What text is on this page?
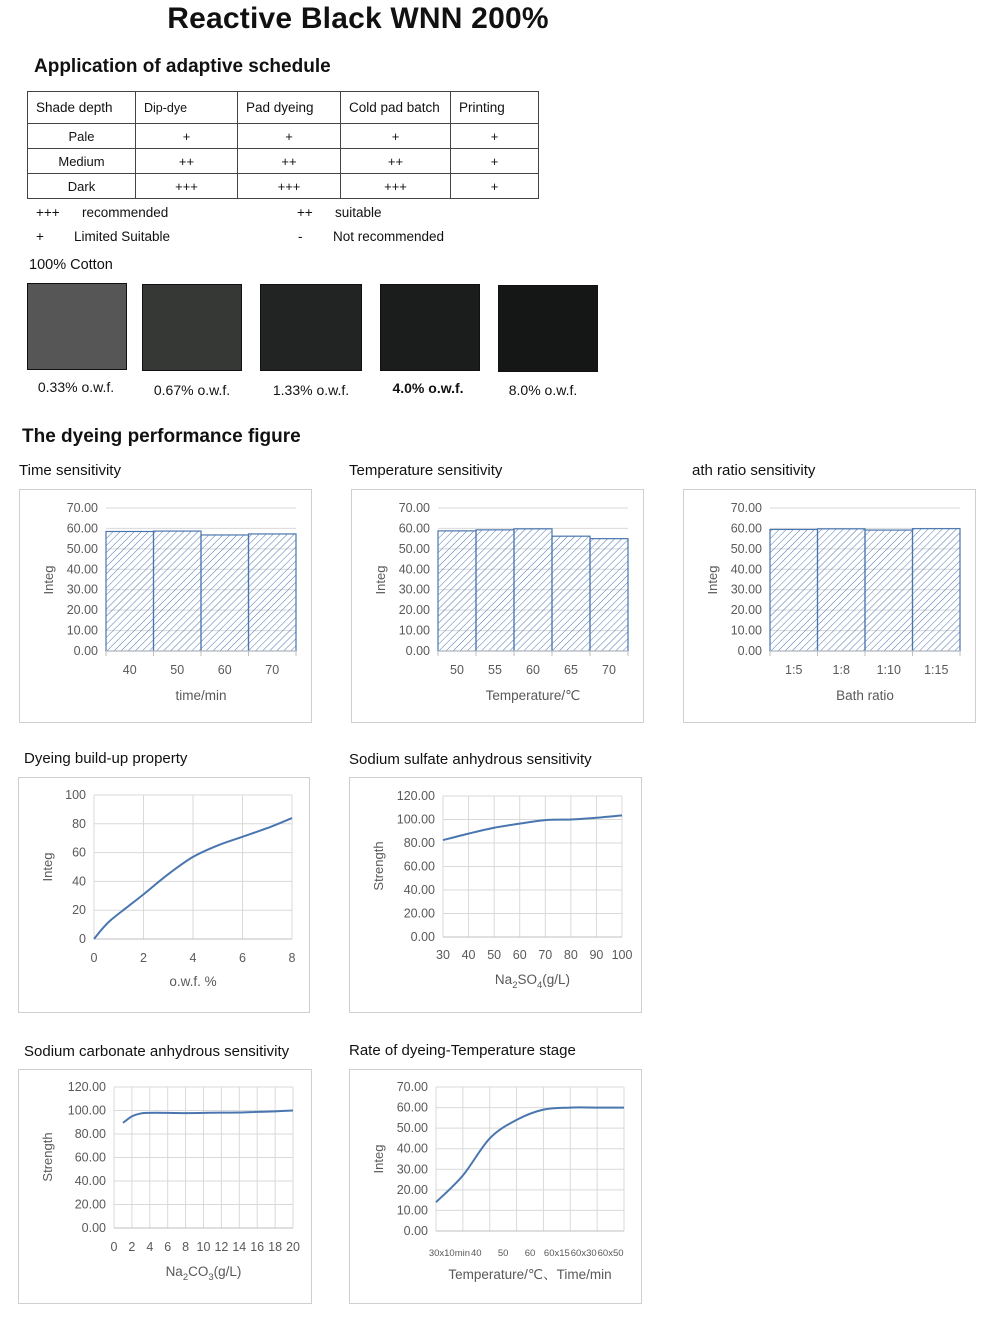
Reactive Black WNN 200%
Application of adaptive schedule
Shade depth	Dip-dye	Pad dyeing	Cold pad batch	Printing
Pale	+	+	+	+
Medium	++	++	++	+
Dark	+++	+++	+++	+
+++ recommended	++ suitable
+ Limited Suitable	- Not recommended
100% Cotton
0.33% o.w.f.	0.67% o.w.f.	1.33% o.w.f.	4.0% o.w.f.	8.0% o.w.f.
The dyeing performance figure
Time sensitivity	Temperature sensitivity	ath ratio sensitivity
Dyeing build-up property	Sodium sulfate anhydrous sensitivity
Sodium carbonate anhydrous sensitivity	Rate of dyeing-Temperature stage
0.00
10.00
20.00
30.00
40.00
50.00
60.00
70.00
40	50	60	70
time/min
Integ
0.00
10.00
20.00
30.00
40.00
50.00
60.00
70.00
50 55 60 65 70
Temperature/℃
Integ
0.00
10.00
20.00
30.00
40.00
50.00
60.00
70.00
1:5 1:8 1:10 1:15
Bath ratio
Integ
0
20
40
60
80
100
0	2	4	6	8
o.w.f. %
Integ
0.00
20.00
40.00
60.00
80.00
100.00
120.00
30 40 50 60 70 80 90 100
$Na_2SO_4(g/L)$
Strength
0.00
20.00
40.00
60.00
80.00
100.00
120.00
0 2 4 6 8 10 12 14 16 18 20
$Na_2CO_3(g/L)$
Strength
0.00
10.00
20.00
30.00
40.00
50.00
60.00
70.00
30x10min 40 50 60 60x15 60x30 60x50
Temperature/℃、Time/min
Integ
